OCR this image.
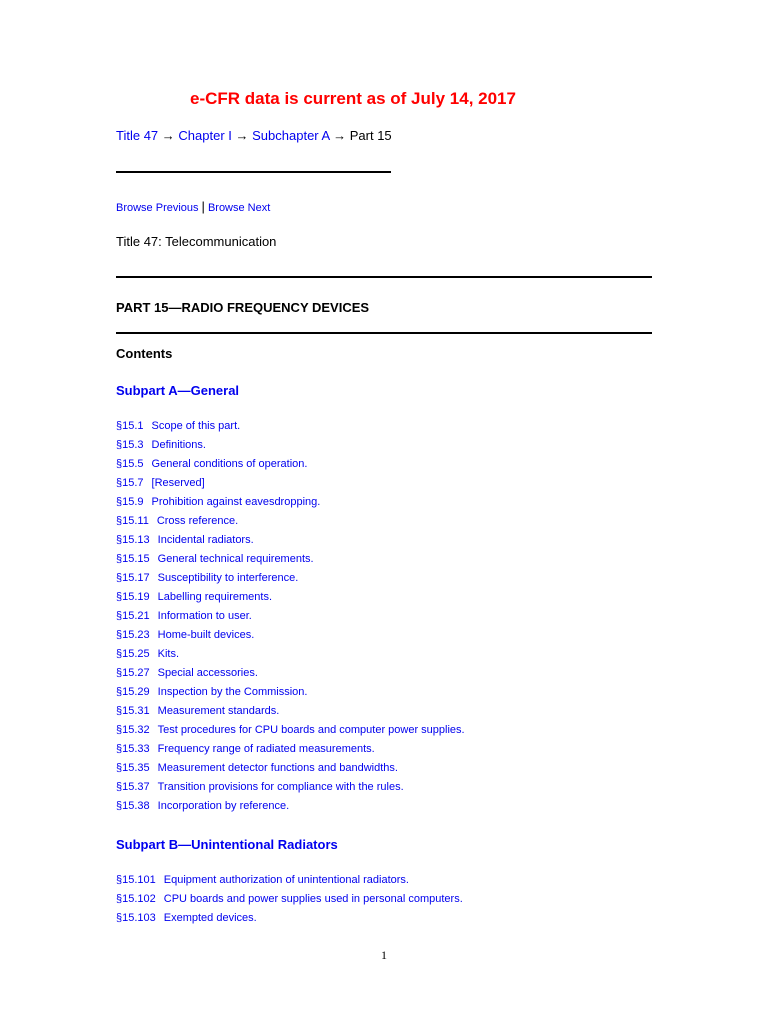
e-CFR data is current as of July 14, 2017
Title 47 → Chapter I → Subchapter A → Part 15
Browse Previous | Browse Next
Title 47: Telecommunication
PART 15—RADIO FREQUENCY DEVICES
Contents
Subpart A—General
§15.1 Scope of this part.
§15.3 Definitions.
§15.5 General conditions of operation.
§15.7 [Reserved]
§15.9 Prohibition against eavesdropping.
§15.11 Cross reference.
§15.13 Incidental radiators.
§15.15 General technical requirements.
§15.17 Susceptibility to interference.
§15.19 Labelling requirements.
§15.21 Information to user.
§15.23 Home-built devices.
§15.25 Kits.
§15.27 Special accessories.
§15.29 Inspection by the Commission.
§15.31 Measurement standards.
§15.32 Test procedures for CPU boards and computer power supplies.
§15.33 Frequency range of radiated measurements.
§15.35 Measurement detector functions and bandwidths.
§15.37 Transition provisions for compliance with the rules.
§15.38 Incorporation by reference.
Subpart B—Unintentional Radiators
§15.101 Equipment authorization of unintentional radiators.
§15.102 CPU boards and power supplies used in personal computers.
§15.103 Exempted devices.
1
